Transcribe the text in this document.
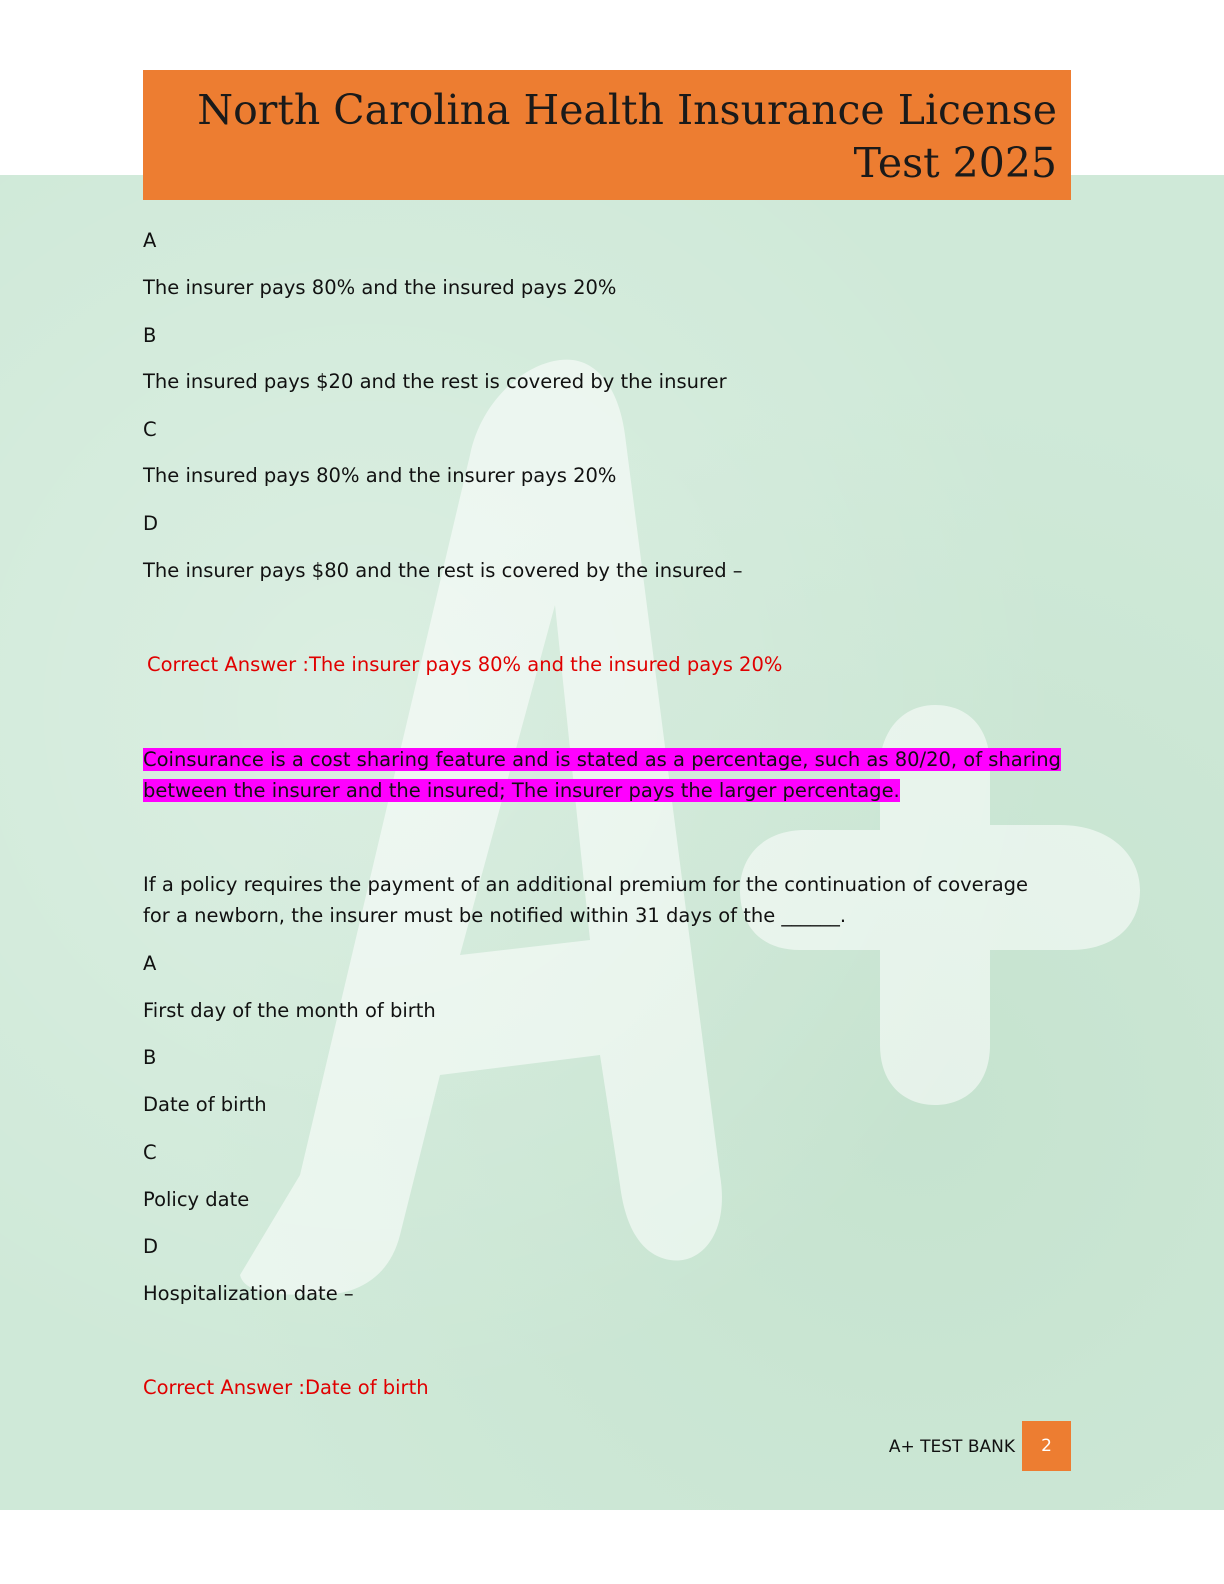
North Carolina Health Insurance License
Test 2025
A
The insurer pays 80% and the insured pays 20%
B
The insured pays $20 and the rest is covered by the insurer
C
The insured pays 80% and the insurer pays 20%
D
The insurer pays $80 and the rest is covered by the insured –
Correct Answer :The insurer pays 80% and the insured pays 20%
Coinsurance is a cost sharing feature and is stated as a percentage, such as 80/20, of sharing
between the insurer and the insured; The insurer pays the larger percentage.
If a policy requires the payment of an additional premium for the continuation of coverage
for a newborn, the insurer must be notified within 31 days of the ______.
A
First day of the month of birth
B
Date of birth
C
Policy date
D
Hospitalization date –
Correct Answer :Date of birth
A+ TEST BANK	2
